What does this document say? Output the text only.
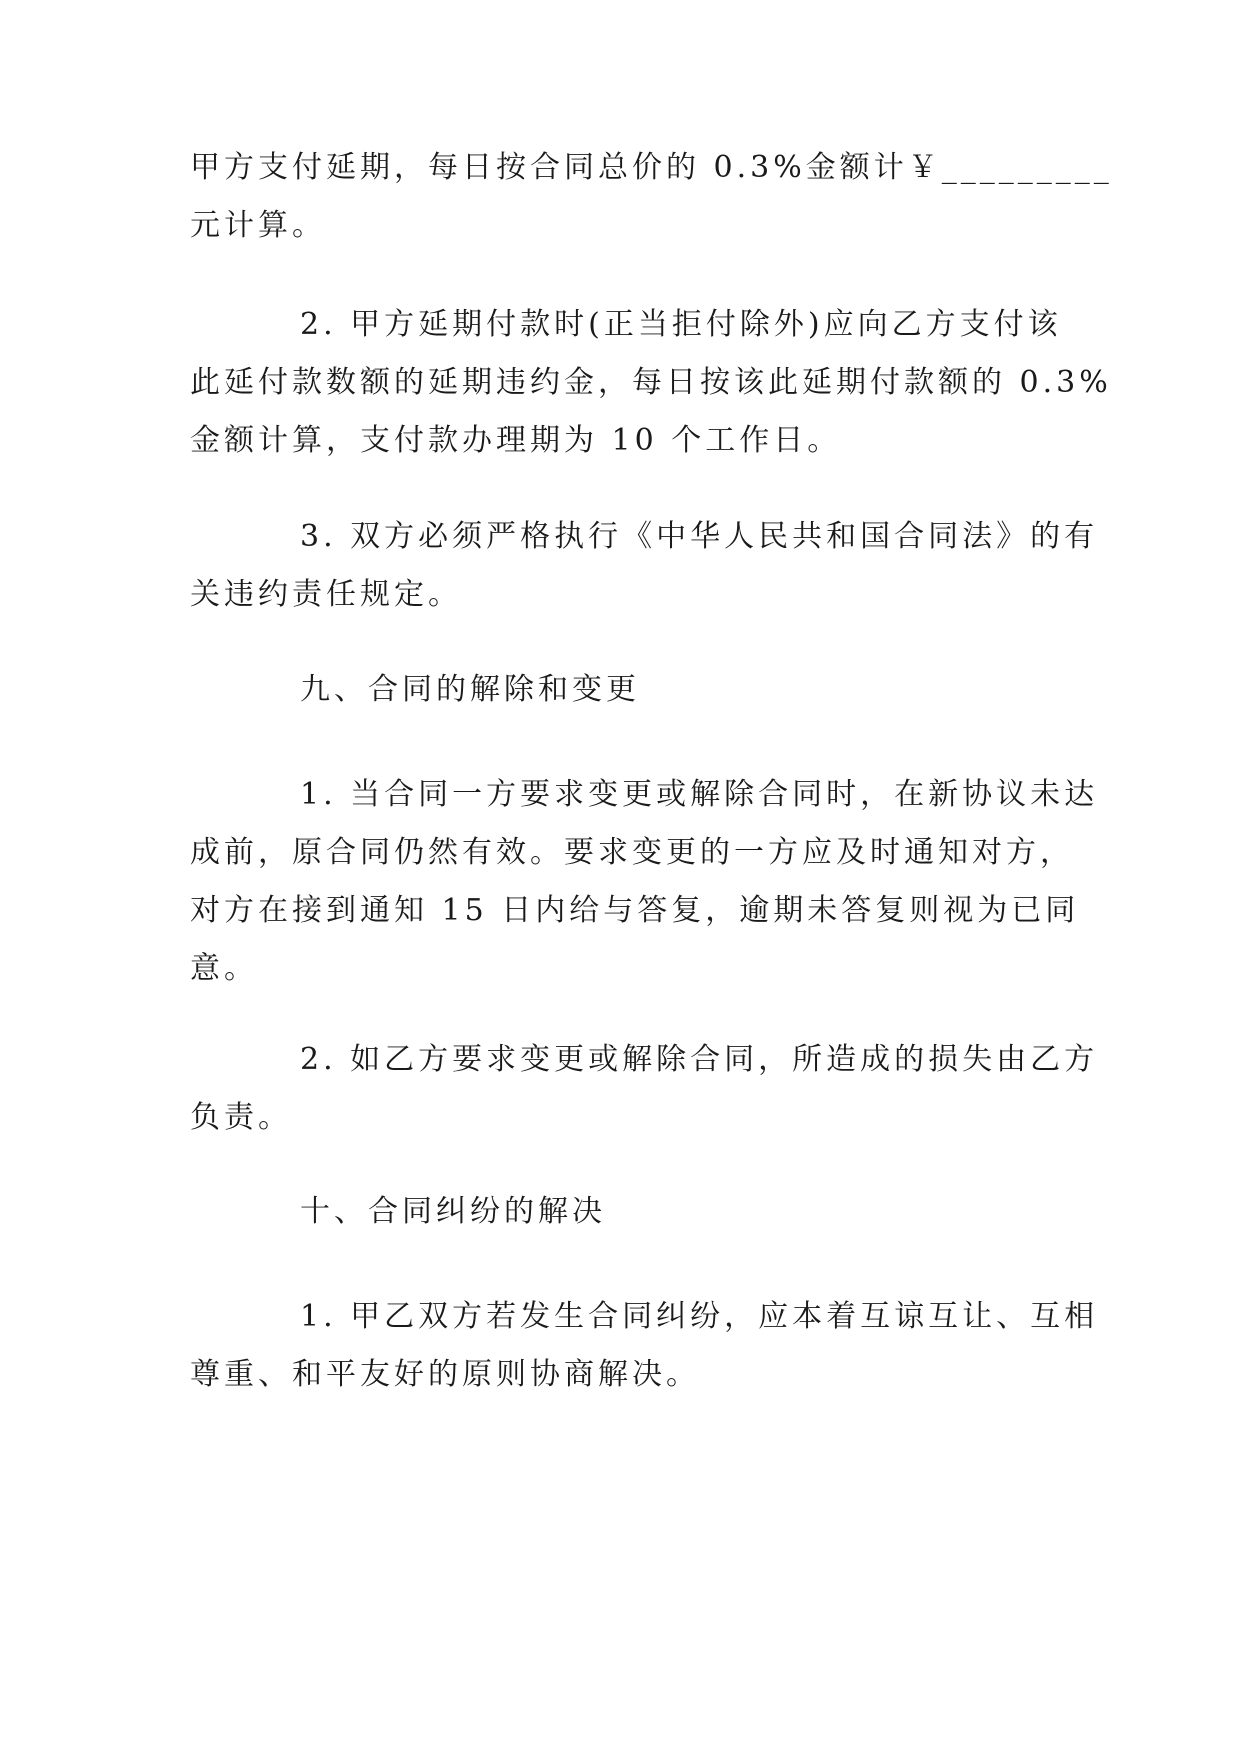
甲方支付延期，每日按合同总价的 0.3%金额计￥_________
元计算。
2. 甲方延期付款时(正当拒付除外)应向乙方支付该
此延付款数额的延期违约金，每日按该此延期付款额的 0.3%
金额计算，支付款办理期为 10 个工作日。
3. 双方必须严格执行《中华人民共和国合同法》的有
关违约责任规定。
九、合同的解除和变更
1. 当合同一方要求变更或解除合同时，在新协议未达
成前，原合同仍然有效。要求变更的一方应及时通知对方，
对方在接到通知 15 日内给与答复，逾期未答复则视为已同
意。
2. 如乙方要求变更或解除合同，所造成的损失由乙方
负责。
十、合同纠纷的解决
1. 甲乙双方若发生合同纠纷，应本着互谅互让、互相
尊重、和平友好的原则协商解决。
